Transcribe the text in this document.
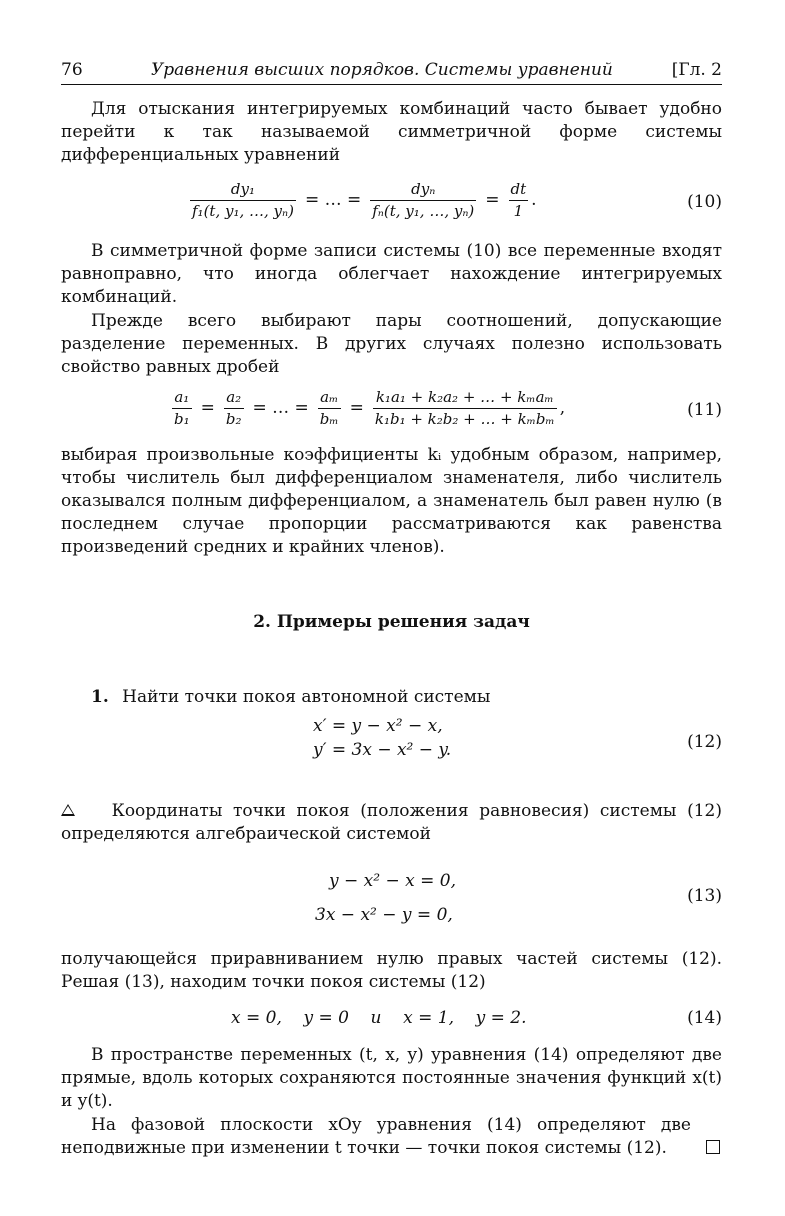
76	Уравнения высших порядков. Системы уравнений	[Гл. 2
Для отыскания интегрируемых комбинаций часто бывает удобно перейти к так называемой симметричной форме системы дифференциальных уравнений
$\frac{\text{dy₁}}{\text{f₁(t, y₁, …, yₙ)}}$ = … = $\frac{\text{dyₙ}}{\text{fₙ(t, y₁, …, yₙ)}} = \frac{dt}{1}$ .	(10)
В симметричной форме записи системы (10) все переменные входят равноправно, что иногда облегчает нахождение интегрируемых комбинаций.
Прежде всего выбирают пары соотношений, допускающие разделение переменных. В других случаях полезно использовать свойство равных дробей
$\frac{\text{a₁}}{\text{b₁}} = \frac{\text{a₂}}{\text{b₂}}$ = … = $\frac{\text{aₘ}}{\text{bₘ}} = \frac{\text{k₁a₁ + k₂a₂ + … + kₘaₘ}}{\text{k₁b₁ + k₂b₂ + … + kₘbₘ}}$ ,	(11)
выбирая произвольные коэффициенты kᵢ удобным образом, например, чтобы числитель был дифференциалом знаменателя, либо числитель оказывался полным дифференциалом, а знаменатель был равен нулю (в последнем случае пропорции рассматриваются как равенства произведений средних и крайних членов).
2. Примеры решения задач
1. Найти точки покоя автономной системы
x′ = y − x² − x,
y′ = 3x − x² − y.	(12)
Координаты точки покоя (положения равновесия) системы (12) определяются алгебраической системой
y − x² − x = 0,
3x − x² − y = 0,
(13)
получающейся приравниванием нулю правых частей системы (12). Решая (13), находим точки покоя системы (12)
x = 0,    y = 0    и    x = 1,    y = 2.	(14)
В пространстве переменных (t, x, y) уравнения (14) определяют две прямые, вдоль которых сохраняются постоянные значения функций x(t) и y(t).
На фазовой плоскости xOy уравнения (14) определяют две неподвижные при изменении t точки — точки покоя системы (12).
